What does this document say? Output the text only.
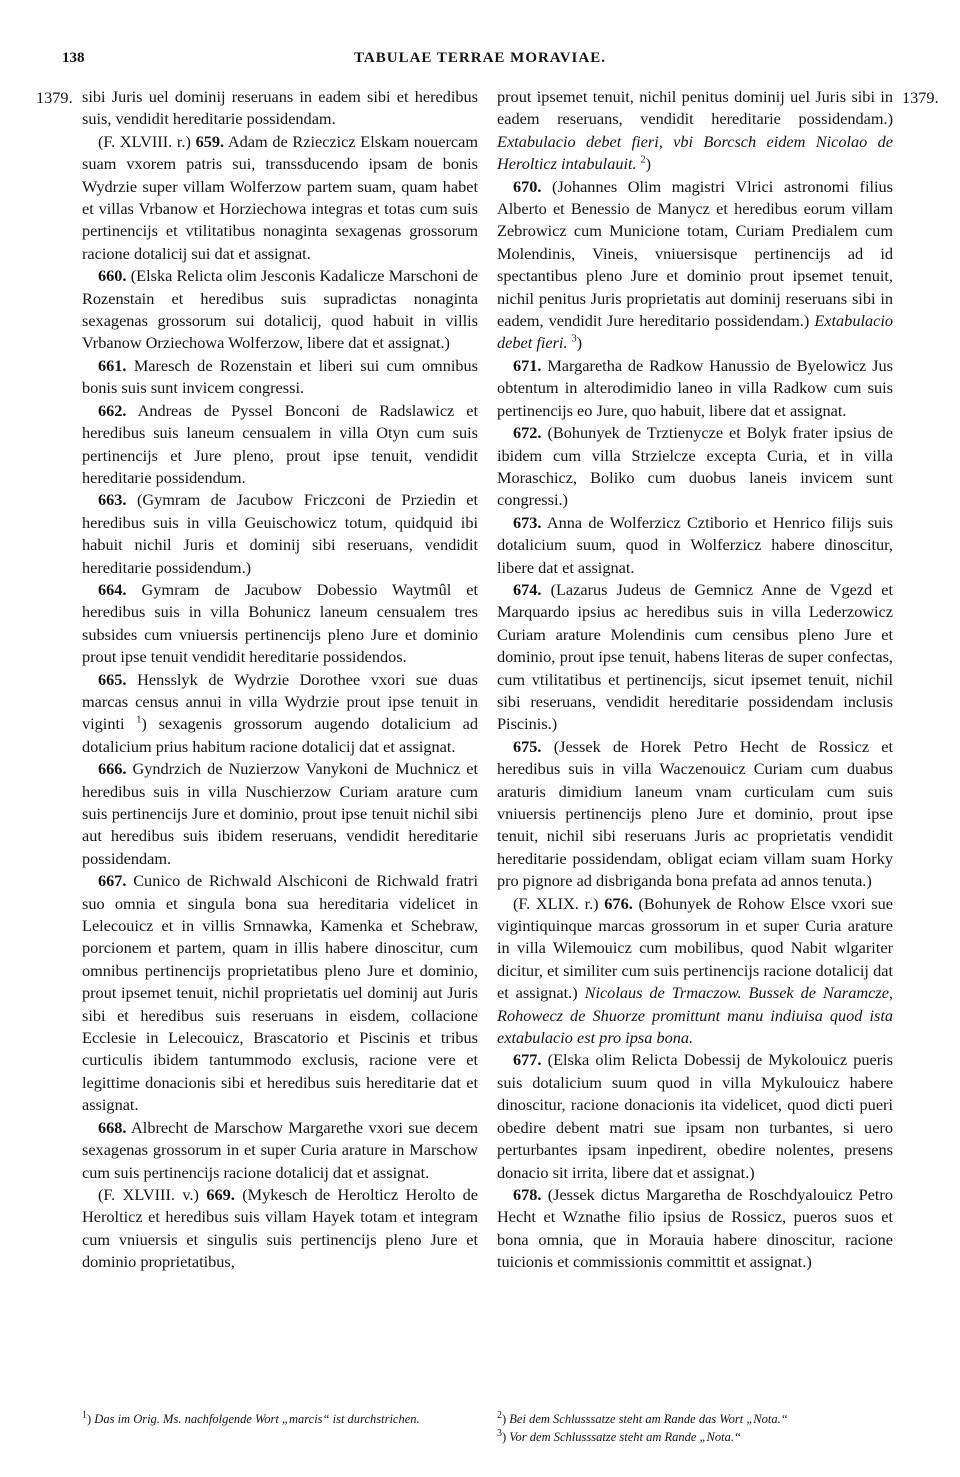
138	TABULAE TERRAE MORAVIAE.
1379.	1379.

sibi Juris uel dominij reseruans in eadem sibi et heredibus suis, vendidit hereditarie possidendam.

(F. XLVIII. r.) 659. Adam de Rzieczicz Elskam nouercam suam vxorem patris sui, transsducendo ipsam de bonis Wydrzie super villam Wolferzow partem suam, quam habet et villas Vrbanow et Horziechowa integras et totas cum suis pertinencijs et vtilitatibus nonaginta sexagenas grossorum racione dotalicij sui dat et assignat.

660. (Elska Relicta olim Jesconis Kadalicze Marschoni de Rozenstain et heredibus suis supradictas nonaginta sexagenas grossorum sui dotalicij, quod habuit in villis Vrbanow Orziechowa Wolferzow, libere dat et assignat.)

661. Maresch de Rozenstain et liberi sui cum omnibus bonis suis sunt invicem congressi.

662. Andreas de Pyssel Bonconi de Radslawicz et heredibus suis laneum censualem in villa Otyn cum suis pertinencijs et Jure pleno, prout ipse tenuit, vendidit hereditarie possidendum.

663. (Gymram de Jacubow Friczconi de Prziedin et heredibus suis in villa Geuischowicz totum, quidquid ibi habuit nichil Juris et dominij sibi reseruans, vendidit hereditarie possidendum.)

664. Gymram de Jacubow Dobessio Waytmûl et heredibus suis in villa Bohunicz laneum censualem tres subsides cum vniuersis pertinencijs pleno Jure et dominio prout ipse tenuit vendidit hereditarie possidendos.

665. Hensslyk de Wydrzie Dorothee vxori sue duas marcas census annui in villa Wydrzie prout ipse tenuit in viginti $^1$) sexagenis grossorum augendo dotalicium ad dotalicium prius habitum racione dotalicij dat et assignat.

666. Gyndrzich de Nuzierzow Vanykoni de Muchnicz et heredibus suis in villa Nuschierzow Curiam arature cum suis pertinencijs Jure et dominio, prout ipse tenuit nichil sibi aut heredibus suis ibidem reseruans, vendidit hereditarie possidendam.

667. Cunico de Richwald Alschiconi de Richwald fratri suo omnia et singula bona sua hereditaria videlicet in Lelecouicz et in villis Srnnawka, Kamenka et Schebraw, porcionem et partem, quam in illis habere dinoscitur, cum omnibus pertinencijs proprietatibus pleno Jure et dominio, prout ipsemet tenuit, nichil proprietatis uel dominij aut Juris sibi et heredibus suis reseruans in eisdem, collacione Ecclesie in Lelecouicz, Brascatorio et Piscinis et tribus curticulis ibidem tantummodo exclusis, racione vere et legittime donacionis sibi et heredibus suis hereditarie dat et assignat.

668. Albrecht de Marschow Margarethe vxori sue decem sexagenas grossorum in et super Curia arature in Marschow cum suis pertinencijs racione dotalicij dat et assignat.

(F. XLVIII. v.) 669. (Mykesch de Herolticz Herolto de Herolticz et heredibus suis villam Hayek totam et integram cum vniuersis et singulis suis pertinencijs pleno Jure et dominio proprietatibus,

prout ipsemet tenuit, nichil penitus dominij uel Juris sibi in eadem reseruans, vendidit hereditarie possidendam.) Extabulacio debet fieri, vbi Borcsch eidem Nicolao de Herolticz intabulauit. $^2$)

670. (Johannes Olim magistri Vlrici astronomi filius Alberto et Benessio de Manycz et heredibus eorum villam Zebrowicz cum Municione totam, Curiam Predialem cum Molendinis, Vineis, vniuersisque pertinencijs ad id spectantibus pleno Jure et dominio prout ipsemet tenuit, nichil penitus Juris proprietatis aut dominij reseruans sibi in eadem, vendidit Jure hereditario possidendam.) Extabulacio debet fieri. $^3$)

671. Margaretha de Radkow Hanussio de Byelowicz Jus obtentum in alterodimidio laneo in villa Radkow cum suis pertinencijs eo Jure, quo habuit, libere dat et assignat.

672. (Bohunyek de Trztienycze et Bolyk frater ipsius de ibidem cum villa Strzielcze excepta Curia, et in villa Moraschicz, Boliko cum duobus laneis invicem sunt congressi.)

673. Anna de Wolferzicz Cztiborio et Henrico filijs suis dotalicium suum, quod in Wolferzicz habere dinoscitur, libere dat et assignat.

674. (Lazarus Judeus de Gemnicz Anne de Vgezd et Marquardo ipsius ac heredibus suis in villa Lederzowicz Curiam arature Molendinis cum censibus pleno Jure et dominio, prout ipse tenuit, habens literas de super confectas, cum vtilitatibus et pertinencijs, sicut ipsemet tenuit, nichil sibi reseruans, vendidit hereditarie possidendam inclusis Piscinis.)

675. (Jessek de Horek Petro Hecht de Rossicz et heredibus suis in villa Waczenouicz Curiam cum duabus araturis dimidium laneum vnam curticulam cum suis vniuersis pertinencijs pleno Jure et dominio, prout ipse tenuit, nichil sibi reseruans Juris ac proprietatis vendidit hereditarie possidendam, obligat eciam villam suam Horky pro pignore ad disbriganda bona prefata ad annos tenuta.)

(F. XLIX. r.) 676. (Bohunyek de Rohow Elsce vxori sue vigintiquinque marcas grossorum in et super Curia arature in villa Wilemouicz cum mobilibus, quod Nabit wlgariter dicitur, et similiter cum suis pertinencijs racione dotalicij dat et assignat.) Nicolaus de Trmaczow. Bussek de Naramcze, Rohowecz de Shuorze promittunt manu indiuisa quod ista extabulacio est pro ipsa bona.

677. (Elska olim Relicta Dobessij de Mykolouicz pueris suis dotalicium suum quod in villa Mykulouicz habere dinoscitur, racione donacionis ita videlicet, quod dicti pueri obedire debent matri sue ipsam non turbantes, si uero perturbantes ipsam inpedirent, obedire nolentes, presens donacio sit irrita, libere dat et assignat.)

678. (Jessek dictus Margaretha de Roschdyalouicz Petro Hecht et Wznathe filio ipsius de Rossicz, pueros suos et bona omnia, que in Morauia habere dinoscitur, racione tuicionis et commissionis committit et assignat.)

$^1$) Das im Orig. Ms. nachfolgende Wort „marcis“ ist durchstrichen.	$^2$) Bei dem Schlusssatze steht am Rande das Wort „Nota.“

$^3$) Vor dem Schlusssatze steht am Rande „Nota.“
